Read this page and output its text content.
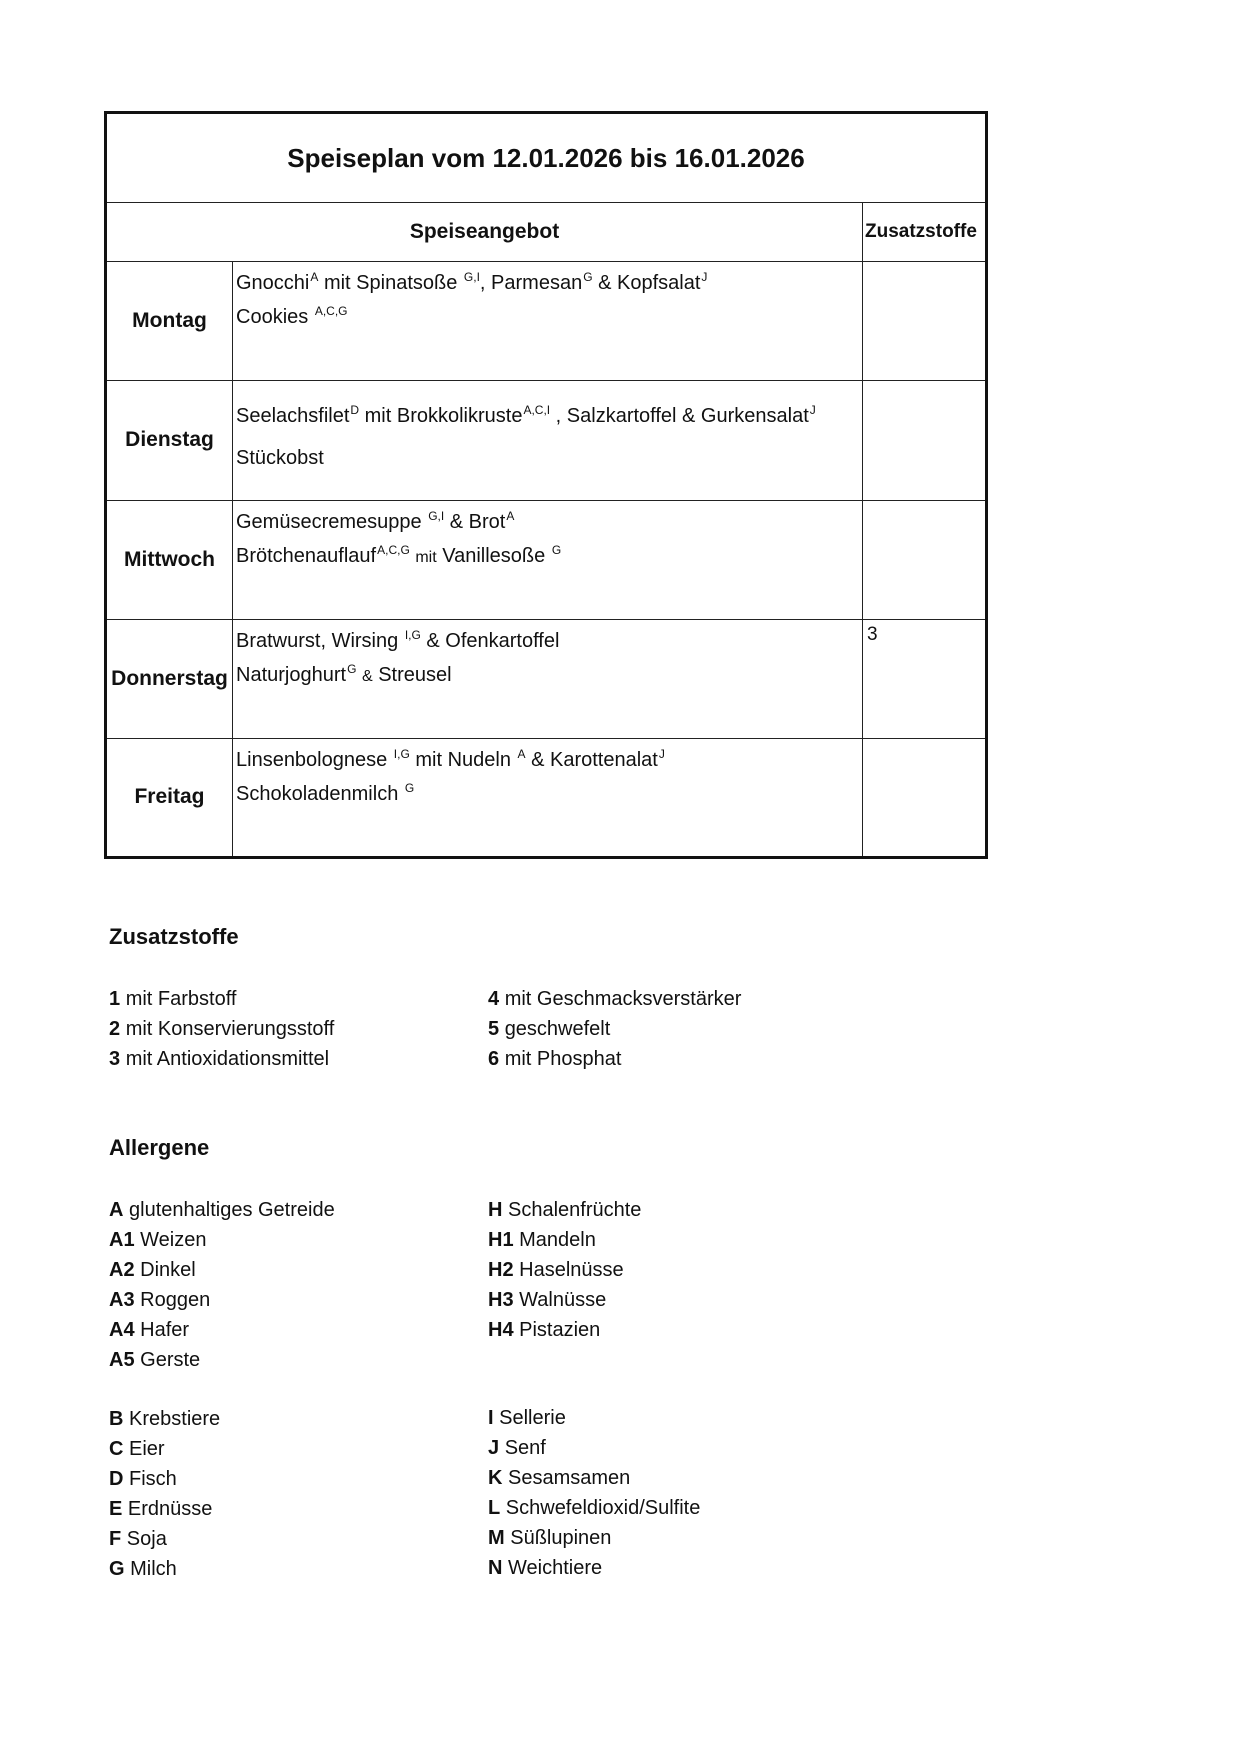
Speiseplan vom 12.01.2026 bis 16.01.2026		
Speiseangebot		Zusatzstoffe
Montag	Gnocchi$^A$ mit Spinatsoße $^{G,I}$, Parmesan$^G$ & Kopfsalat$^J$
Cookies $^{A,C,G}$

Dienstag	Seelachsfilet$^D$ mit Brokkolikruste$^{A,C,I}$ , Salzkartoffel & Gurkensalat$^J$
Stückobst	

Mittwoch	Gemüsecremesuppe $^{G,I}$ & Brot$^A$
Brötchenauflauf$^{A,C,G}$ mit Vanillesoße $^G$

Donnerstag	Bratwurst, Wirsing $^{I,G}$ & Ofenkartoffel
Naturjoghurt$^G$ & Streusel	3
Freitag	Linsenbolognese $^{I,G}$ mit Nudeln $^A$ & Karottenalat$^J$
Schokoladenmilch $^G$

Zusatzstoffe
1 mit Farbstoff
2 mit Konservierungsstoff
3 mit Antioxidationsmittel
4 mit Geschmacksverstärker
5 geschwefelt
6 mit Phosphat
Allergene
A glutenhaltiges Getreide
A1 Weizen
A2 Dinkel
A3 Roggen
A4 Hafer
A5 Gerste
B Krebstiere
C Eier
D Fisch
E Erdnüsse
F Soja
G Milch
H Schalenfrüchte
H1 Mandeln
H2 Haselnüsse
H3 Walnüsse
H4 Pistazien
I Sellerie
J Senf
K Sesamsamen
L Schwefeldioxid/Sulfite
M Süßlupinen
N Weichtiere
